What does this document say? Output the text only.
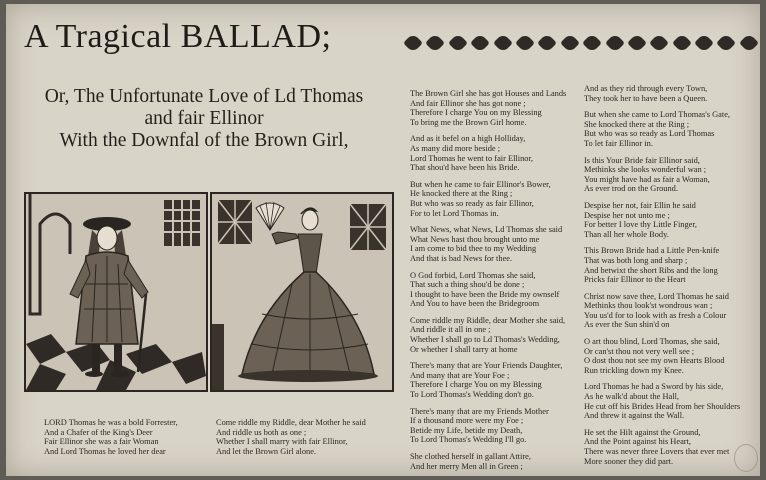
A Tragical BALLAD;
Or, The Unfortunate Love of Ld Thomas
and fair Ellinor
With the Downfal of the Brown Girl,

LORD Thomas he was a bold Forrester,
And a Chafer of the King's Deer
Fair Ellinor she was a fair Woman
And Lord Thomas he loved her dear

Come riddle my Riddle, dear Mother he said
And riddle us both as one ;
Whether I shall marry with fair Ellinor,
And let the Brown Girl alone.

The Brown Girl she has got Houses and Lands
And fair Ellinor she has got none ;
Therefore I charge You on my Blessing
To bring me the Brown Girl home.

And as it befel on a high Holliday,
As many did more beside ;
Lord Thomas he went to fair Ellinor,
That shou'd have been his Bride.

But when he came to fair Ellinor's Bower,
He knocked there at the Ring ;
But who was so ready as fair Ellinor,
For to let Lord Thomas in.

What News, what News, Ld Thomas she said
What News hast thou brought unto me
I am come to bid thee to my Wedding
And that is bad News for thee.

O God forbid, Lord Thomas she said,
That such a thing shou'd be done ;
I thought to have been the Bride my ownself
And You to have been the Bridegroom

Come riddle my Riddle, dear Mother she said,
And riddle it all in one ;
Whether I shall go to Ld Thomas's Wedding,
Or whether I shall tarry at home

There's many that are Your Friends Daughter,
And many that are Your Foe ;
Therefore I charge You on my Blessing
To Lord Thomas's Wedding don't go.

There's many that are my Friends Mother
If a thousand more were my Foe ;
Betide my Life, betide my Death,
To Lord Thomas's Wedding I'll go.

She clothed herself in gallant Attire,
And her merry Men all in Green ;

And as they rid through every Town,
They took her to have been a Queen.

But when she came to Lord Thomas's Gate,
She knocked there at the Ring ;
But who was so ready as Lord Thomas
To let fair Ellinor in.

Is this Your Bride fair Ellinor said,
Methinks she looks wonderful wan ;
You might have had as fair a Woman,
As ever trod on the Ground.

Despise her not, fair Ellin he said
Despise her not unto me ;
For better I love thy Little Finger,
Than all her whole Body.

This Brown Bride had a Little Pen-knife
That was both long and sharp ;
And betwixt the short Ribs and the long
Pricks fair Ellinor to the Heart

Christ now save thee, Lord Thomas he said
Methinks thou look'st wondrous wan ;
You us'd for to look with as fresh a Colour
As ever the Sun shin'd on

O art thou blind, Lord Thomas, she said,
Or can'st thou not very well see ;
O dost thou not see my own Hearts Blood
Run trickling down my Knee.

Lord Thomas he had a Sword by his side,
As he walk'd about the Hall,
He cut off his Brides Head from her Shoulders
And threw it against the Wall.

He set the Hilt against the Ground,
And the Point against his Heart,
There was never three Lovers that ever met
More sooner they did part.
